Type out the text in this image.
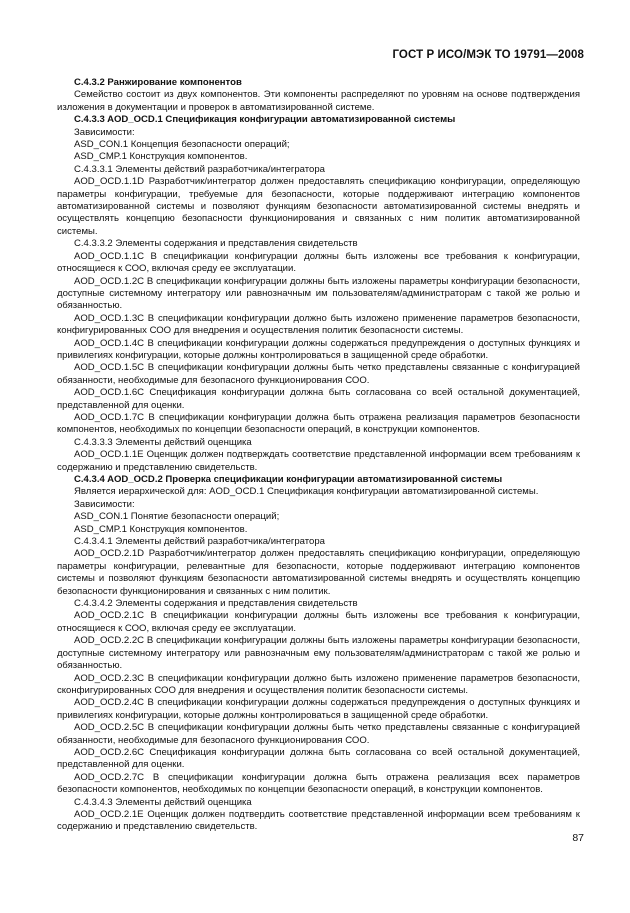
ГОСТ Р ИСО/МЭК ТО 19791—2008

C.4.3.2 Ранжирование компонентов

Семейство состоит из двух компонентов. Эти компоненты распределяют по уровням на основе подтверждения изложения в документации и проверок в автоматизированной системе.

C.4.3.3 AOD_OCD.1 Спецификация конфигурации автоматизированной системы

Зависимости:

ASD_CON.1 Концепция безопасности операций;

ASD_CMP.1 Конструкция компонентов.

C.4.3.3.1 Элементы действий разработчика/интегратора

AOD_OCD.1.1D Разработчик/интегратор должен предоставлять спецификацию конфигурации, определяющую параметры конфигурации, требуемые для безопасности, которые поддерживают интеграцию компонентов автоматизированной системы и позволяют функциям безопасности автоматизированной системы внедрять и осуществлять концепцию безопасности функционирования и связанных с ним политик автоматизированной системы.

C.4.3.3.2 Элементы содержания и представления свидетельств

AOD_OCD.1.1C В спецификации конфигурации должны быть изложены все требования к конфигурации, относящиеся к СОО, включая среду ее эксплуатации.

AOD_OCD.1.2C В спецификации конфигурации должны быть изложены параметры конфигурации безопасности, доступные системному интегратору или равнозначным им пользователям/администраторам с такой же ролью и обязанностью.

AOD_OCD.1.3C В спецификации конфигурации должно быть изложено применение параметров безопасности, конфигурированных СОО для внедрения и осуществления политик безопасности системы.

AOD_OCD.1.4C В спецификации конфигурации должны содержаться предупреждения о доступных функциях и привилегиях конфигурации, которые должны контролироваться в защищенной среде обработки.

AOD_OCD.1.5C В спецификации конфигурации должны быть четко представлены связанные с конфигурацией обязанности, необходимые для безопасного функционирования СОО.

AOD_OCD.1.6C Спецификация конфигурации должна быть согласована со всей остальной документацией, представленной для оценки.

AOD_OCD.1.7C В спецификации конфигурации должна быть отражена реализация параметров безопасности компонентов, необходимых по концепции безопасности операций, в конструкции компонентов.

C.4.3.3.3 Элементы действий оценщика

AOD_OCD.1.1E Оценщик должен подтверждать соответствие представленной информации всем требованиям к содержанию и представлению свидетельств.

C.4.3.4 AOD_OCD.2 Проверка спецификации конфигурации автоматизированной системы

Является иерархической для: AOD_OCD.1 Спецификация конфигурации автоматизированной системы.

Зависимости:

ASD_CON.1 Понятие безопасности операций;

ASD_CMP.1 Конструкция компонентов.

C.4.3.4.1 Элементы действий разработчика/интегратора

AOD_OCD.2.1D Разработчик/интегратор должен предоставлять спецификацию конфигурации, определяющую параметры конфигурации, релевантные для безопасности, которые поддерживают интеграцию компонентов системы и позволяют функциям безопасности автоматизированной системы внедрять и осуществлять концепцию безопасности функционирования и связанных с ним политик.

C.4.3.4.2 Элементы содержания и представления свидетельств

AOD_OCD.2.1C В спецификации конфигурации должны быть изложены все требования к конфигурации, относящиеся к СОО, включая среду ее эксплуатации.

AOD_OCD.2.2C В спецификации конфигурации должны быть изложены параметры конфигурации безопасности, доступные системному интегратору или равнозначным ему пользователям/администраторам с такой же ролью и обязанностью.

AOD_OCD.2.3C В спецификации конфигурации должно быть изложено применение параметров безопасности, сконфигурированных СОО для внедрения и осуществления политик безопасности системы.

AOD_OCD.2.4C В спецификации конфигурации должны содержаться предупреждения о доступных функциях и привилегиях конфигурации, которые должны контролироваться в защищенной среде обработки.

AOD_OCD.2.5C В спецификации конфигурации должны быть четко представлены связанные с конфигурацией обязанности, необходимые для безопасного функционирования СОО.

AOD_OCD.2.6C Спецификация конфигурации должна быть согласована со всей остальной документацией, представленной для оценки.

AOD_OCD.2.7C В спецификации конфигурации должна быть отражена реализация всех параметров безопасности компонентов, необходимых по концепции безопасности операций, в конструкции компонентов.

C.4.3.4.3 Элементы действий оценщика

AOD_OCD.2.1E Оценщик должен подтвердить соответствие представленной информации всем требованиям к содержанию и представлению свидетельств.

87
